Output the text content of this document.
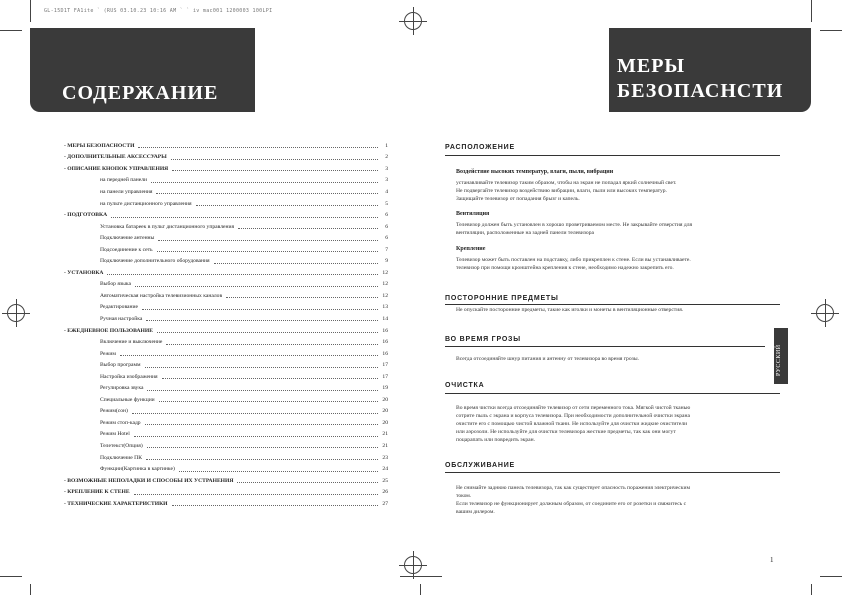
GL-15D1T FA1ite ` (RUS 03.10.23 10:16 AM ` ` iv mac001 1200003 100LPI
СОДЕРЖАНИЕ
- МЕРЫ БЕЗОПАСНОСТИ	1
- ДОПОЛНИТЕЛЬНЫЕ АКСЕССУАРЫ	2
- ОПИСАНИЕ КНОПОК УПРАВЛЕНИЯ	3
на передней панели	3
на панели управления	4
на пульте дистанционного управления	5
- ПОДГОТОВКА	6
Установка батарeек в пульт дистанционного управления	6
Подключение антенны	6
Подсоединение к сеть	7
Подключение дополнительного оборудования	9
- УСТАНОВКА	12
Выбор языка	12
Автоматическая настройка телевизионных каналов	12
Редактирование	13
Ручная настройка	14
- ЕЖЕДНЕВНОЕ ПОЛЬЗОВАНИЕ	16
Включение и выключение	16
Режим	16
Выбор программ	17
Настройка изображения	17
Регулировка звука	19
Специальные функции	20
Режим(сон)	20
Режим стоп-кадр	20
Режим Hotel	21
Телетекст(Опция)	21
Подключение ПК	23
Функции(Картинка в картинке)	24
- ВОЗМОЖНЫЕ НЕПОЛАДКИ И СПОСОБЫ ИХ УСТРАНЕНИЯ	25
- КРЕПЛЕНИЕ К СТЕНЕ	26
- ТЕХНИЧЕСКИЕ ХАРАКТЕРИСТИКИ	27
МЕРЫ
БЕЗОПАСНСТИ
РАСПОЛОЖЕНИЕ
Воздействие высоких температур, влаги, пыли, вибрации
устанавливайте телевизор таким образом, чтобы на экран не попадал яркий солнечный свет.
Не подвергайте телевизор воздействию вибрации, влаги, пыли или высоких температур.
Защищайте телевизор от попадания брызг и капель.
Вентиляция
Телевизор должен быть установлен в хорошо проветриваемом месте. Не закрывайте отверстия для
вентиляции, расположенные на задней панели телевизора
Крепление
Телевизор может быть поставлен на подставку, либо прикреплен к стене. Если вы устанавливаете.
телевизор при помощи кронштейна крепления к стене, необходимо надежно закрепить его.
ПОСТОРОННИЕ ПРЕДМЕТЫ
Не опускайте посторонние предметы, такие как иголки и монеты в вентиляционные отверстия.
ВО ВРЕМЯ ГРОЗЫ
Всегда отсоединяйте шнур питания и антенну от телевизора во время грозы.
ОЧИСТКА
Во время чистки всегда отсоединяйте телевизор от сети переменного тока. Мягкой чистой тканью
сотрите пыль с экрана и корпуса телевизора. При необходимости дополнительной очистки экрана
очистите его с помощью чистой влажной ткани. Не используйте для очистки жидкие очистители
или аэрозоли. Не используйте для очистки телевизора жесткие предметы, так как они могут
поцарапать или повредить экран.
ОБСЛУЖИВАНИЕ
Не снимайте заднюю панель телевизора, так как существует опасность поражения электрическим
током.
Если телевизор не функционирует должным образом, от соедините его от розетки и свяжитесь с
вашим дилером.
РУССКИЙ
1
